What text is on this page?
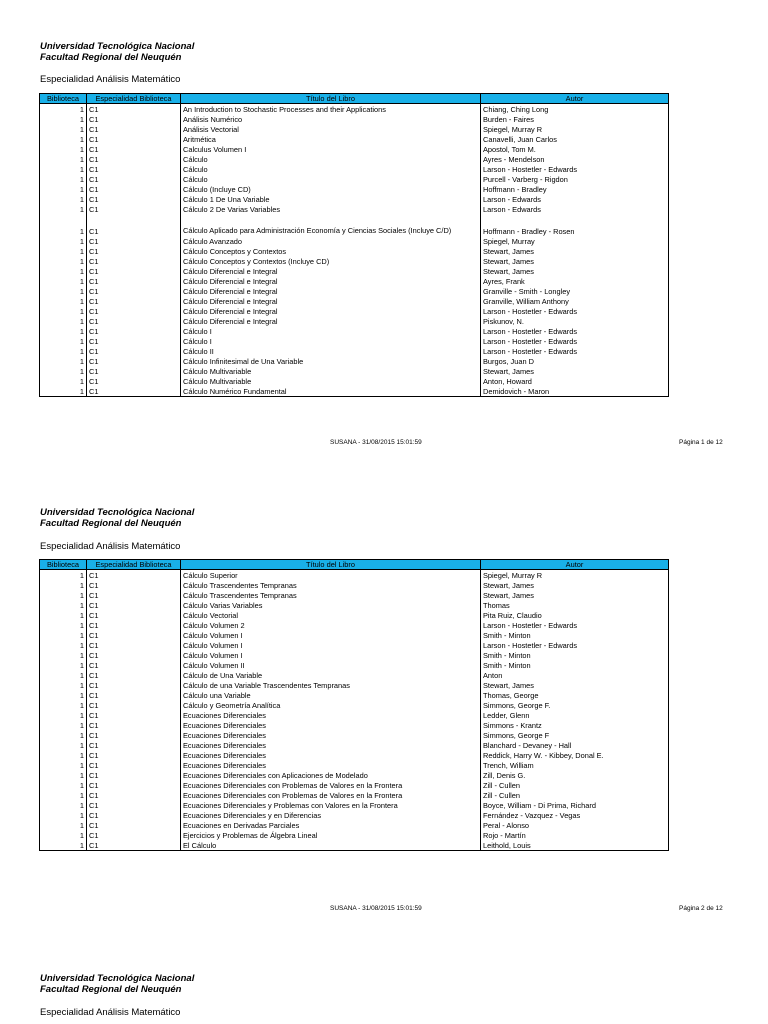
Universidad Tecnológica Nacional
Facultad Regional del Neuquén
Especialidad Análisis Matemático
Biblioteca	Especialidad Biblioteca	Título del Libro	Autor
1	C1	An Introduction to Stochastic Processes and their Applications	Chiang, Ching Long
1	C1	Análisis Numérico	Burden - Faires
1	C1	Análisis Vectorial	Spiegel, Murray R
1	C1	Aritmética	Canavelli, Juan Carlos
1	C1	Calculus Volumen I	Apostol, Tom M.
1	C1	Cálculo	Ayres - Mendelson
1	C1	Cálculo	Larson - Hostetler - Edwards
1	C1	Cálculo	Purcell - Varberg - Rigdon
1	C1	Cálculo (Incluye CD)	Hoffmann - Bradley
1	C1	Cálculo 1 De Una Variable	Larson - Edwards
1	C1	Cálculo 2 De Varias Variables	Larson - Edwards
1	C1	Cálculo Aplicado para Administración Economía y Ciencias Sociales (Incluye C/D)	Hoffmann - Bradley - Rosen
1	C1	Cálculo Avanzado	Spiegel, Murray
1	C1	Cálculo Conceptos y Contextos	Stewart, James
1	C1	Cálculo Conceptos y Contextos (Incluye CD)	Stewart, James
1	C1	Cálculo Diferencial e Integral	Stewart, James
1	C1	Cálculo Diferencial e Integral	Ayres, Frank
1	C1	Cálculo Diferencial e Integral	Granville - Smith - Longley
1	C1	Cálculo Diferencial e Integral	Granville, William Anthony
1	C1	Cálculo Diferencial e Integral	Larson - Hostetler - Edwards
1	C1	Cálculo Diferencial e Integral	Piskunov, N.
1	C1	Cálculo I	Larson - Hostetler - Edwards
1	C1	Cálculo I	Larson - Hostetler - Edwards
1	C1	Cálculo II	Larson - Hostetler - Edwards
1	C1	Cálculo Infinitesimal de Una Variable	Burgos, Juan D
1	C1	Cálculo Multivariable	Stewart, James
1	C1	Cálculo Multivariable	Anton, Howard
1	C1	Cálculo Numérico Fundamental	Demidovich - Maron
SUSANA - 31/08/2015 15:01:59	Página 1 de 12
Universidad Tecnológica Nacional
Facultad Regional del Neuquén
Especialidad Análisis Matemático
Biblioteca	Especialidad Biblioteca	Título del Libro	Autor
1	C1	Cálculo Superior	Spiegel, Murray R
1	C1	Cálculo Trascendentes Tempranas	Stewart, James
1	C1	Cálculo Trascendentes Tempranas	Stewart, James
1	C1	Cálculo Varias Variables	Thomas
1	C1	Cálculo Vectorial	Pita Ruiz, Claudio
1	C1	Cálculo Volumen 2	Larson - Hostetler - Edwards
1	C1	Cálculo Volumen I	Smith - Minton
1	C1	Cálculo Volumen I	Larson - Hostetler - Edwards
1	C1	Cálculo Volumen I	Smith - Minton
1	C1	Cálculo Volumen II	Smith - Minton
1	C1	Cálculo de Una Variable	Anton
1	C1	Cálculo de una Variable Trascendentes Tempranas	Stewart, James
1	C1	Cálculo una Variable	Thomas, George
1	C1	Cálculo y Geometría Analítica	Simmons, George F.
1	C1	Ecuaciones Diferenciales	Ledder, Glenn
1	C1	Ecuaciones Diferenciales	Simmons - Krantz
1	C1	Ecuaciones Diferenciales	Simmons, George F
1	C1	Ecuaciones Diferenciales	Blanchard - Devaney - Hall
1	C1	Ecuaciones Diferenciales	Reddick, Harry W. - Kibbey, Donal E.
1	C1	Ecuaciones Diferenciales	Trench, William
1	C1	Ecuaciones Diferenciales con Aplicaciones de Modelado	Zill, Denis G.
1	C1	Ecuaciones Diferenciales con Problemas de Valores en la Frontera	Zill - Cullen
1	C1	Ecuaciones Diferenciales con Problemas de Valores en la Frontera	Zill - Cullen
1	C1	Ecuaciones Diferenciales y Problemas con Valores en la Frontera	Boyce, William - Di Prima, Richard
1	C1	Ecuaciones Diferenciales y en Diferencias	Fernández - Vazquez - Vegas
1	C1	Ecuaciones en Derivadas Parciales	Peral - Alonso
1	C1	Ejercicios y Problemas de Álgebra Lineal	Rojo - Martín
1	C1	El Cálculo	Leithold, Louis
SUSANA - 31/08/2015 15:01:59	Página 2 de 12
Universidad Tecnológica Nacional
Facultad Regional del Neuquén
Especialidad Análisis Matemático
